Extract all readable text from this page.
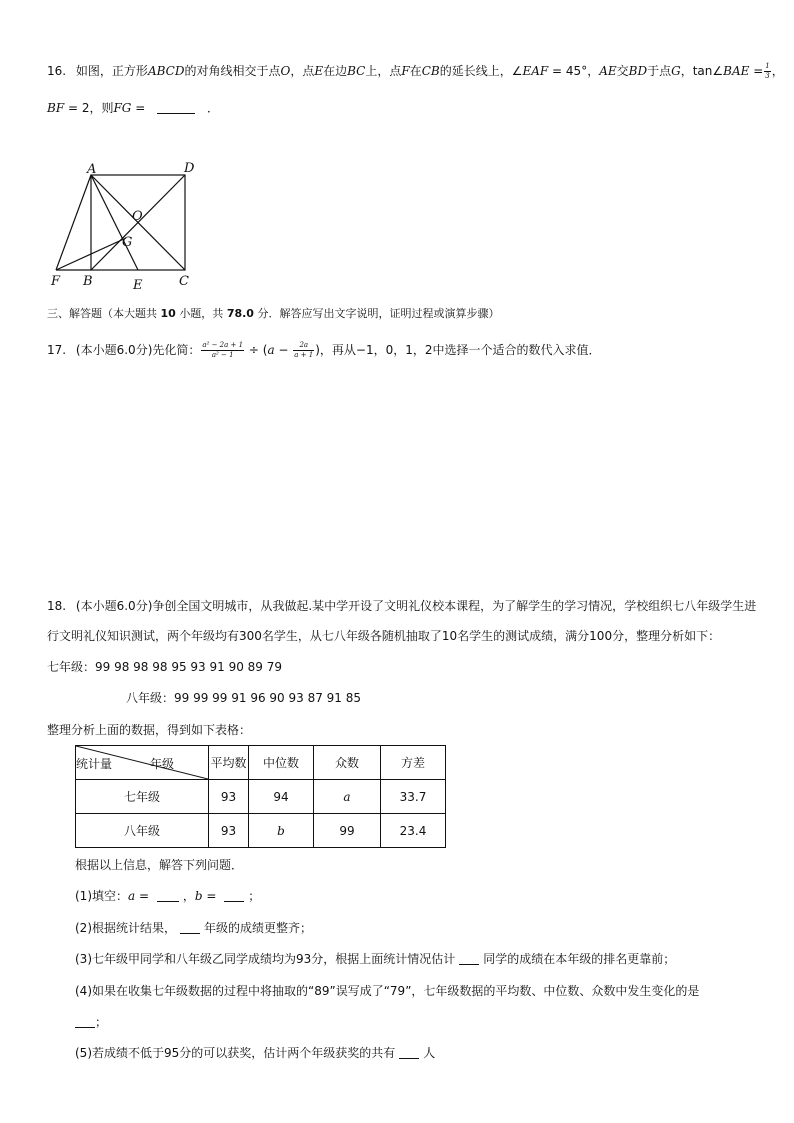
16. 如图，正方形ABCD的对角线相交于点O，点E在边BC上，点F在CB的延长线上，∠EAF = 45°，AE交BD于点G，tan∠BAE = $\frac{1}{3}$ ，
BF = 2，则FG =	．
A	D
O
G
F B	E	C
三、解答题（本大题共 10 小题，共 78.0 分．解答应写出文字说明，证明过程或演算步骤）
17. (本小题6.0分)先化简： $\frac{\text{a² − 2a + 1}}{\text{a² − 1}} \div (a - \frac{2a}{a + 1}$ )，再从−1，0，1，2中选择一个适合的数代入求值．
18. (本小题6.0分)争创全国文明城市，从我做起.某中学开设了文明礼仪校本课程，为了解学生的学习情况，学校组织七八年级学生进
行文明礼仪知识测试，两个年级均有300名学生，从七八年级各随机抽取了10名学生的测试成绩，满分100分，整理分析如下：
七年级：99 98 98 98 95 93 91 90 89 79
八年级：99 99 99 91 96 90 93 87 91 85
整理分析上面的数据，得到如下表格：
统计量 年级	平均数	中位数	众数	方差
七年级	93	94	a	33.7
八年级	93	b	99	23.4
根据以上信息，解答下列问题．
(1)填空：a =	，b = ；
(2)根据统计结果， 年级的成绩更整齐；
(3)七年级甲同学和八年级乙同学成绩均为93分，根据上面统计情况估计 同学的成绩在本年级的排名更靠前；
(4)如果在收集七年级数据的过程中将抽取的“89”误写成了“79”，七年级数据的平均数、中位数、众数中发生变化的是
；
(5)若成绩不低于95分的可以获奖，估计两个年级获奖的共有 人
